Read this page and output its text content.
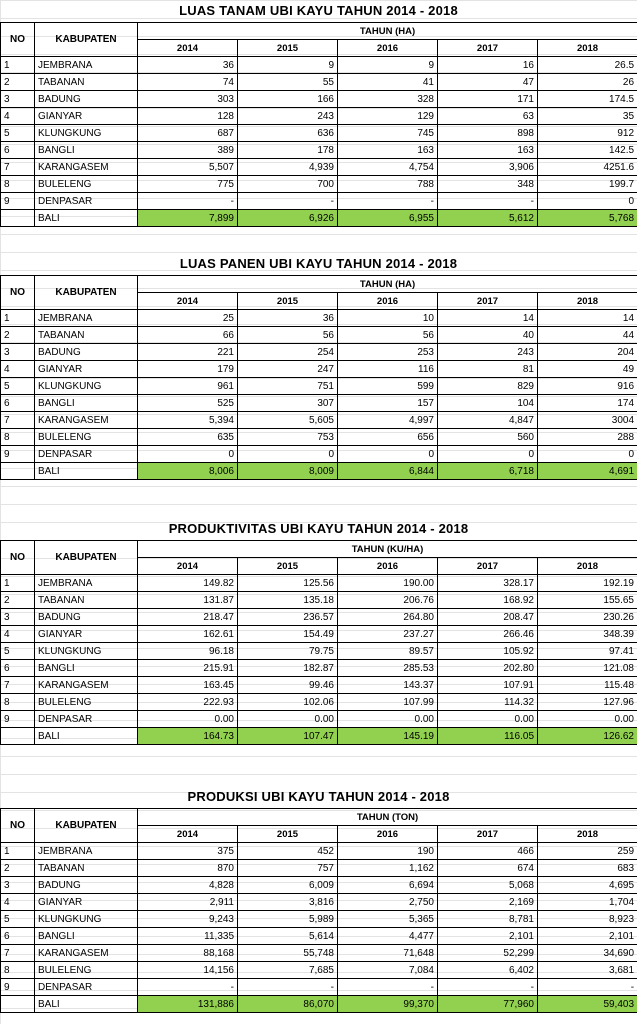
LUAS TANAM UBI KAYU TAHUN 2014 - 2018
NO	KABUPATEN	TAHUN (HA)				
		2014	2015	2016	2017	2018
1	JEMBRANA	36	9	9	16	26.5
2	TABANAN	74	55	41	47	26
3	BADUNG	303	166	328	171	174.5
4	GIANYAR	128	243	129	63	35
5	KLUNGKUNG	687	636	745	898	912
6	BANGLI	389	178	163	163	142.5
7	KARANGASEM	5,507	4,939	4,754	3,906	4251.6
8	BULELENG	775	700	788	348	199.7
9	DENPASAR	-	-	-	-	0
	BALI	7,899	6,926	6,955	5,612	5,768
LUAS PANEN UBI KAYU TAHUN 2014 - 2018
NO	KABUPATEN	TAHUN (HA)				
		2014	2015	2016	2017	2018
1	JEMBRANA	25	36	10	14	14
2	TABANAN	66	56	56	40	44
3	BADUNG	221	254	253	243	204
4	GIANYAR	179	247	116	81	49
5	KLUNGKUNG	961	751	599	829	916
6	BANGLI	525	307	157	104	174
7	KARANGASEM	5,394	5,605	4,997	4,847	3004
8	BULELENG	635	753	656	560	288
9	DENPASAR	0	0	0	0	0
	BALI	8,006	8,009	6,844	6,718	4,691
PRODUKTIVITAS UBI KAYU TAHUN 2014 - 2018
NO	KABUPATEN	TAHUN (KU/HA)				
		2014	2015	2016	2017	2018
1	JEMBRANA	149.82	125.56	190.00	328.17	192.19
2	TABANAN	131.87	135.18	206.76	168.92	155.65
3	BADUNG	218.47	236.57	264.80	208.47	230.26
4	GIANYAR	162.61	154.49	237.27	266.46	348.39
5	KLUNGKUNG	96.18	79.75	89.57	105.92	97.41
6	BANGLI	215.91	182.87	285.53	202.80	121.08
7	KARANGASEM	163.45	99.46	143.37	107.91	115.48
8	BULELENG	222.93	102.06	107.99	114.32	127.96
9	DENPASAR	0.00	0.00	0.00	0.00	0.00
	BALI	164.73	107.47	145.19	116.05	126.62
PRODUKSI UBI KAYU TAHUN 2014 - 2018
NO	KABUPATEN	TAHUN (TON)				
		2014	2015	2016	2017	2018
1	JEMBRANA	375	452	190	466	259
2	TABANAN	870	757	1,162	674	683
3	BADUNG	4,828	6,009	6,694	5,068	4,695
4	GIANYAR	2,911	3,816	2,750	2,169	1,704
5	KLUNGKUNG	9,243	5,989	5,365	8,781	8,923
6	BANGLI	11,335	5,614	4,477	2,101	2,101
7	KARANGASEM	88,168	55,748	71,648	52,299	34,690
8	BULELENG	14,156	7,685	7,084	6,402	3,681
9	DENPASAR	-	-	-	-	-
	BALI	131,886	86,070	99,370	77,960	59,403
